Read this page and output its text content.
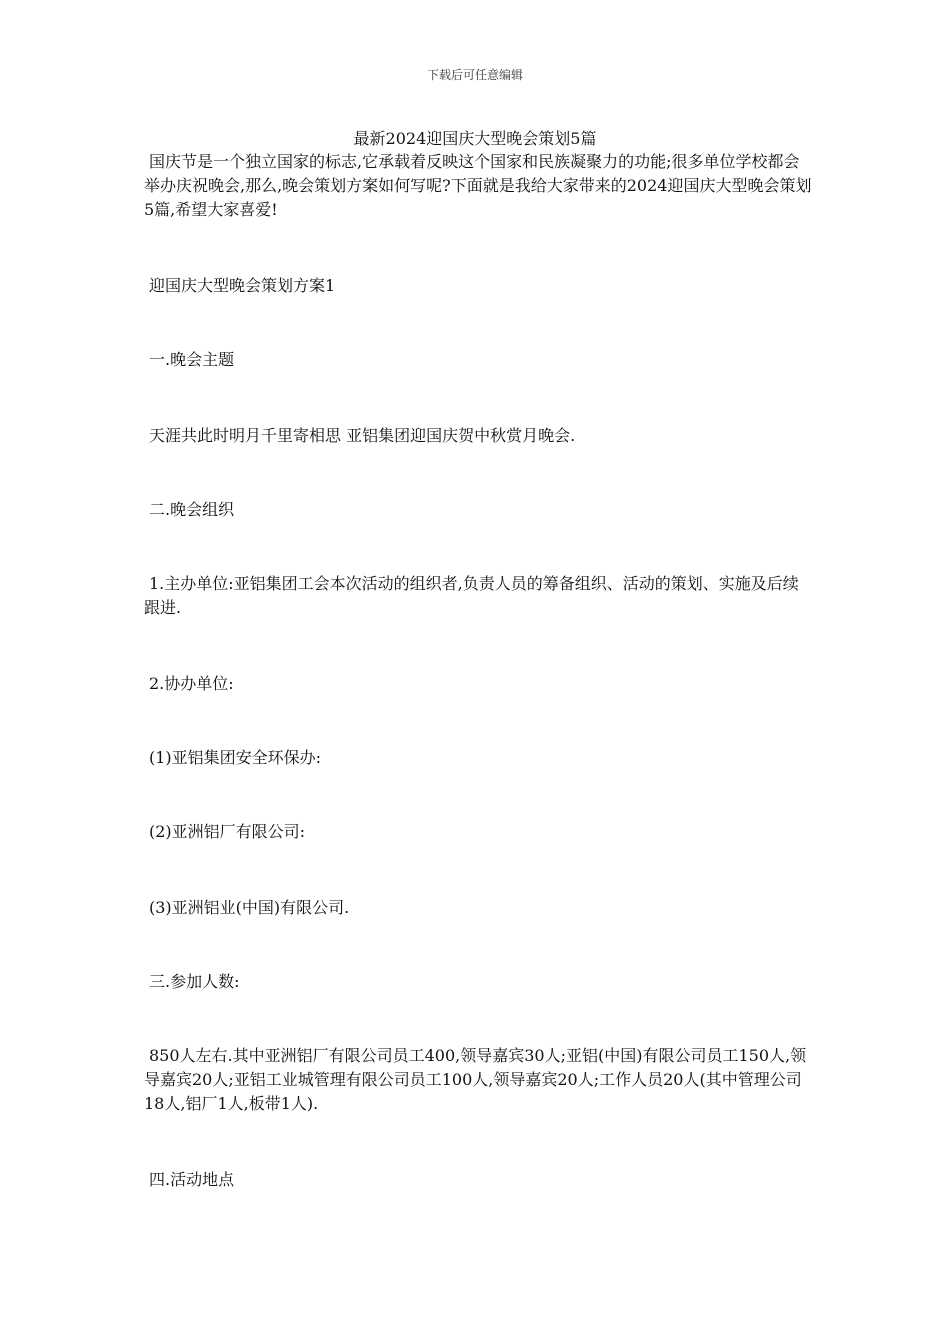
下载后可任意编辑
最新2024迎国庆大型晚会策划5篇

国庆节是一个独立国家的标志,它承载着反映这个国家和民族凝聚力的功能;很多单位学校都会举办庆祝晚会,那么,晚会策划方案如何写呢?下面就是我给大家带来的2024迎国庆大型晚会策划5篇,希望大家喜爱!

迎国庆大型晚会策划方案1

一.晚会主题

天涯共此时明月千里寄相思 亚铝集团迎国庆贺中秋赏月晚会.

二.晚会组织

1.主办单位:亚铝集团工会本次活动的组织者,负责人员的筹备组织、活动的策划、实施及后续跟进.

2.协办单位:

(1)亚铝集团安全环保办:

(2)亚洲铝厂有限公司:

(3)亚洲铝业(中国)有限公司.

三.参加人数:

850人左右.其中亚洲铝厂有限公司员工400,领导嘉宾30人;亚铝(中国)有限公司员工150人,领导嘉宾20人;亚铝工业城管理有限公司员工100人,领导嘉宾20人;工作人员20人(其中管理公司18人,铝厂1人,板带1人).

四.活动地点
